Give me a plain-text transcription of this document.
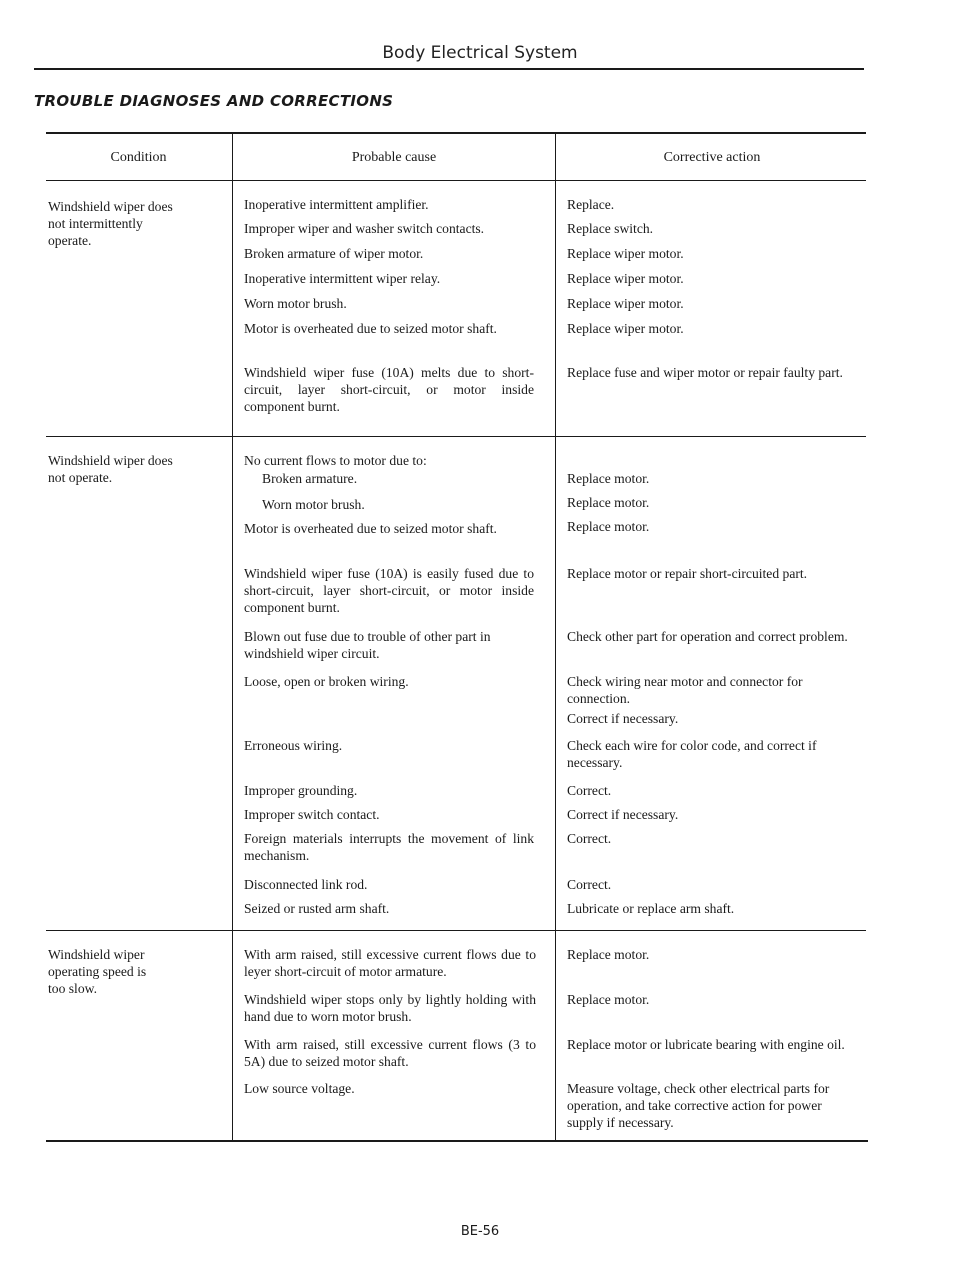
Body Electrical System
TROUBLE DIAGNOSES AND CORRECTIONS
Condition	Probable cause	Corrective action
Windshield wiper does
not intermittently
operate.
Inoperative intermittent amplifier.
Improper wiper and washer switch contacts.
Broken armature of wiper motor.
Inoperative intermittent wiper relay.
Worn motor brush.
Motor is overheated due to seized motor shaft.
Windshield wiper fuse (10A) melts due to short-circuit, layer short-circuit, or motor inside component burnt.
Replace.
Replace switch.
Replace wiper motor.
Replace wiper motor.
Replace wiper motor.
Replace wiper motor.
Replace fuse and wiper motor or repair faulty part.
Windshield wiper does
not operate.
No current flows to motor due to:
Broken armature.
Worn motor brush.
Motor is overheated due to seized motor shaft.
Windshield wiper fuse (10A) is easily fused due to short-circuit, layer short-circuit, or motor inside component burnt.
Blown out fuse due to trouble of other part in windshield wiper circuit.
Loose, open or broken wiring.
Erroneous wiring.
Improper grounding.
Improper switch contact.
Foreign materials interrupts the movement of link mechanism.
Disconnected link rod.
Seized or rusted arm shaft.
Replace motor.
Replace motor.
Replace motor.
Replace motor or repair short-circuited part.
Check other part for operation and correct problem.
Check wiring near motor and connector for connection.
Correct if necessary.
Check each wire for color code, and correct if necessary.
Correct.
Correct if necessary.
Correct.
Correct.
Lubricate or replace arm shaft.
Windshield wiper
operating speed is
too slow.
With arm raised, still excessive current flows due to leyer short-circuit of motor armature.
Windshield wiper stops only by lightly holding with hand due to worn motor brush.
With arm raised, still excessive current flows (3 to 5A) due to seized motor shaft.
Low source voltage.
Replace motor.
Replace motor.
Replace motor or lubricate bearing with engine oil.
Measure voltage, check other electrical parts for operation, and take corrective action for power supply if necessary.
BE-56
